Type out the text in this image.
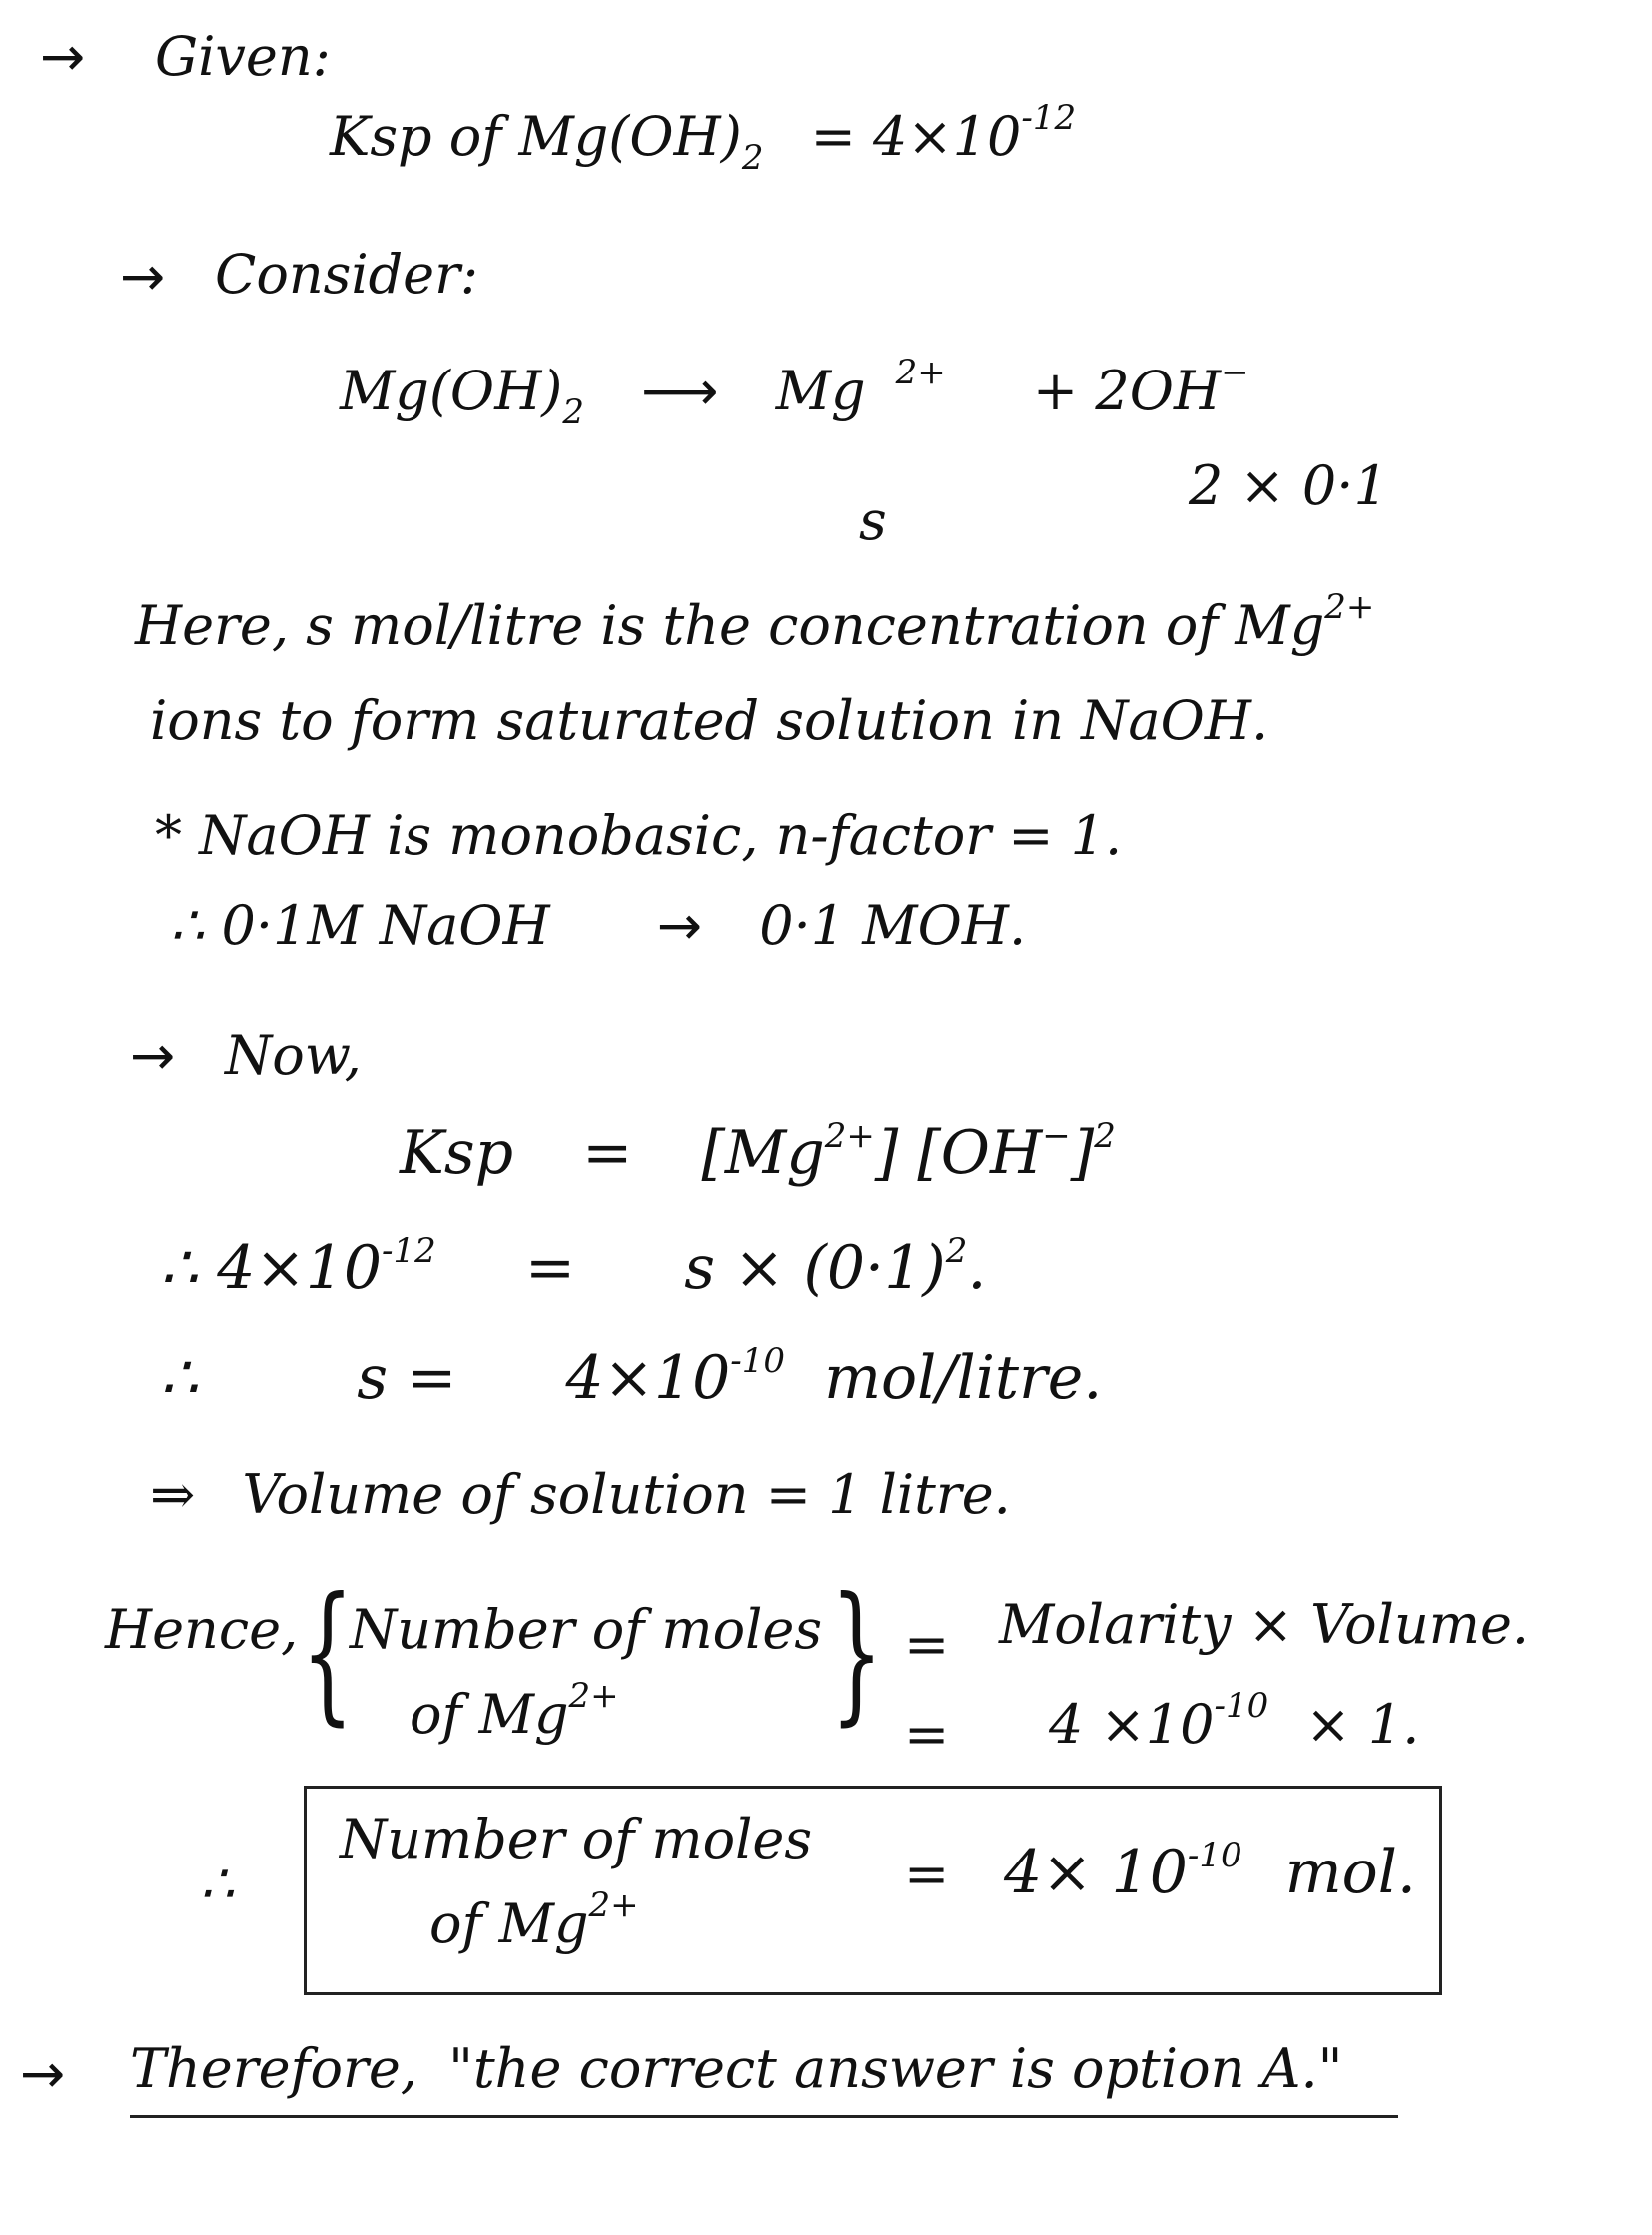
→ Given:
Ksp of $Mg(OH)_2 = 4\times 10^{-12}$
→ Consider:
$Mg(OH)_2$ ⟶ Mg $^{2+}$ + 2OH−
s
2 × 0·1
Here, s mol/litre is the concentration of $Mg^{2+}$
ions to form saturated solution in NaOH.
* NaOH is monobasic, n-factor = 1.
∴ 0·1M NaOH → 0·1 MOH.
→ Now,
Ksp = $[Mg^{2+}]$ $[OH^-]^2$
∴ $4\times 10^{-12} = s \times (0\cdot 1)^2$.
∴	$s = 4\times 10^{-10}$ mol/litre.
⇒ Volume of solution = 1 litre.
Hence, {
Number of moles
of $Mg^{2+}$ } = Molarity × Volume.
= $4 \times 10^{-10} \times 1$.
∴
Number of moles
of $Mg^{2+}$	= $4\times 10^{-10}$ mol.
→ Therefore, "the correct answer is option A."
